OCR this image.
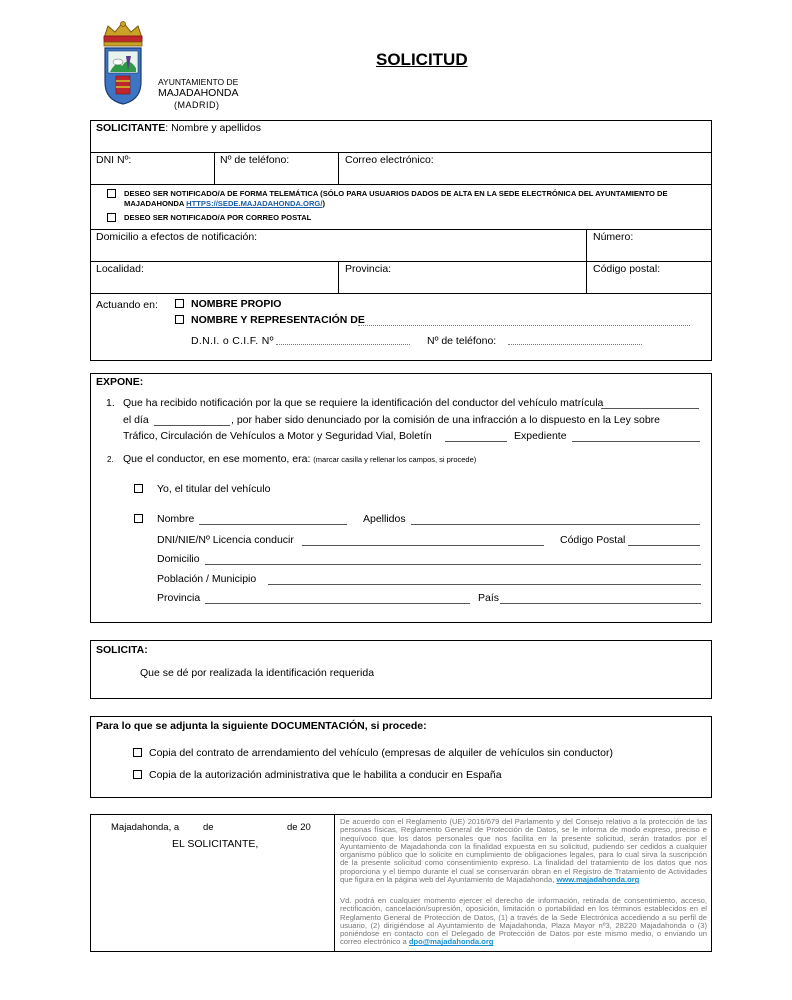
AYUNTAMIENTO DE
MAJADAHONDA
(MADRID)
SOLICITUD
SOLICITANTE: Nombre y apellidos
DNI Nº:	Nº de teléfono:	Correo electrónico:
DESEO SER NOTIFICADO/A DE FORMA TELEMÁTICA (SÓLO PARA USUARIOS DADOS DE ALTA EN LA SEDE ELECTRÓNICA DEL AYUNTAMIENTO DE MAJADAHONDA HTTPS://SEDE.MAJADAHONDA.ORG/)
DESEO SER NOTIFICADO/A POR CORREO POSTAL
Domicilio a efectos de notificación:	Número:
Localidad:	Provincia:	Código postal:
Actuando en:	NOMBRE PROPIO
NOMBRE Y REPRESENTACIÓN DE
D.N.I. o C.I.F. Nº	Nº de teléfono:
EXPONE:
1. Que ha recibido notificación por la que se requiere la identificación del conductor del vehículo matrícula
el día	, por haber sido denunciado por la comisión de una infracción a lo dispuesto en la Ley sobre
Tráfico, Circulación de Vehículos a Motor y Seguridad Vial, Boletín	Expediente
2. Que el conductor, en ese momento, era: (marcar casilla y rellenar los campos, si procede)
Yo, el titular del vehículo
Nombre	Apellidos
DNI/NIE/Nº Licencia conducir	Código Postal
Domicilio
Población / Municipio
Provincia	País
SOLICITA:
Que se dé por realizada la identificación requerida
Para lo que se adjunta la siguiente DOCUMENTACIÓN, si procede:
Copia del contrato de arrendamiento del vehículo (empresas de alquiler de vehículos sin conductor)
Copia de la autorización administrativa que le habilita a conducir en España
Majadahonda, a	de	de 20
EL SOLICITANTE,
De acuerdo con el Reglamento (UE) 2016/679 del Parlamento y del Consejo relativo a la protección de las personas físicas, Reglamento General de Protección de Datos, se le informa de modo expreso, preciso e inequívoco que los datos personales que nos facilita en la presente solicitud, serán tratados por el Ayuntamiento de Majadahonda con la finalidad expuesta en su solicitud, pudiendo ser cedidos a cualquier organismo público que lo solicite en cumplimiento de obligaciones legales, para lo cual sirva la suscripción de la presente solicitud como consentimiento expreso. La finalidad del tratamiento de los datos que nos proporciona y el tiempo durante el cual se conservarán obran en el Registro de Tratamiento de Actividades que figura en la página web del Ayuntamiento de Majadahonda, www.majadahonda.org
Vd. podrá en cualquier momento ejercer el derecho de información, retirada de consentimiento, acceso, rectificación, cancelación/supresión, oposición, limitación o portabilidad en los términos establecidos en el Reglamento General de Protección de Datos, (1) a través de la Sede Electrónica accediendo a su perfil de usuario, (2) dirigiéndose al Ayuntamiento de Majadahonda, Plaza Mayor nº3, 28220 Majadahonda o (3) poniéndose en contacto con el Delegado de Protección de Datos por este mismo medio, o enviando un correo electrónico a dpo@majadahonda.org
